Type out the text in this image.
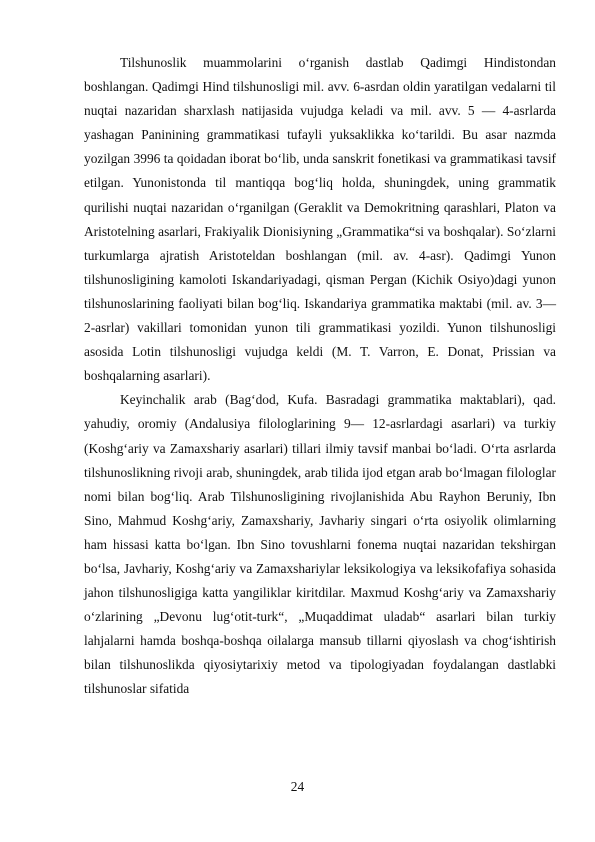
Tilshunoslik muammolarini o‘rganish dastlab Qadimgi Hindistondan boshlangan. Qadimgi Hind tilshunosligi mil. avv. 6-asrdan oldin yaratilgan vedalarni til nuqtai nazaridan sharxlash natijasida vujudga keladi va mil. avv. 5 — 4-asrlarda yashagan Paninining grammatikasi tufayli yuksaklikka ko‘tarildi. Bu asar nazmda yozilgan 3996 ta qoidadan iborat bo‘lib, unda sanskrit fonetikasi va grammatikasi tavsif etilgan. Yunonistonda til mantiqqa bog‘liq holda, shuningdek, uning grammatik qurilishi nuqtai nazaridan o‘rganilgan (Geraklit va Demokritning qarashlari, Platon va Aristotelning asarlari, Frakiyalik Dionisiyning „Grammatika“si va boshqalar). So‘zlarni turkumlarga ajratish Aristoteldan boshlangan (mil. av. 4-asr). Qadimgi Yunon tilshunosligining kamoloti Iskandariyadagi, qisman Pergan (Kichik Osiyo)dagi yunon tilshunoslarining faoliyati bilan bog‘liq. Iskandariya grammatika maktabi (mil. av. 3—2-asrlar) vakillari tomonidan yunon tili grammatikasi yozildi. Yunon tilshunosligi asosida Lotin tilshunosligi vujudga keldi (M. T. Varron, E. Donat, Prissian va boshqalarning asarlari).

Keyinchalik arab (Bag‘dod, Kufa. Basradagi grammatika maktablari), qad. yahudiy, oromiy (Andalusiya filologlarining 9— 12-asrlardagi asarlari) va turkiy (Koshg‘ariy va Zamaxshariy asarlari) tillari ilmiy tavsif manbai bo‘ladi. O‘rta asrlarda tilshunoslikning rivoji arab, shuningdek, arab tilida ijod etgan arab bo‘lmagan filologlar nomi bilan bog‘liq. Arab Tilshunosligining rivojlanishida Abu Rayhon Beruniy, Ibn Sino, Mahmud Koshg‘ariy, Zamaxshariy, Javhariy singari o‘rta osiyolik olimlarning ham hissasi katta bo‘lgan. Ibn Sino tovushlarni fonema nuqtai nazaridan tekshirgan bo‘lsa, Javhariy, Koshg‘ariy va Zamaxshariylar leksikologiya va leksikofafiya sohasida jahon tilshunosligiga katta yangiliklar kiritdilar. Maxmud Koshg‘ariy va Zamaxshariy o‘zlarining „Devonu lug‘otit-turk“, „Muqaddimat uladab“ asarlari bilan turkiy lahjalarni hamda boshqa-boshqa oilalarga mansub tillarni qiyoslash va chog‘ishtirish bilan tilshunoslikda qiyosiytarixiy metod va tipologiyadan foydalangan dastlabki tilshunoslar sifatida

24
